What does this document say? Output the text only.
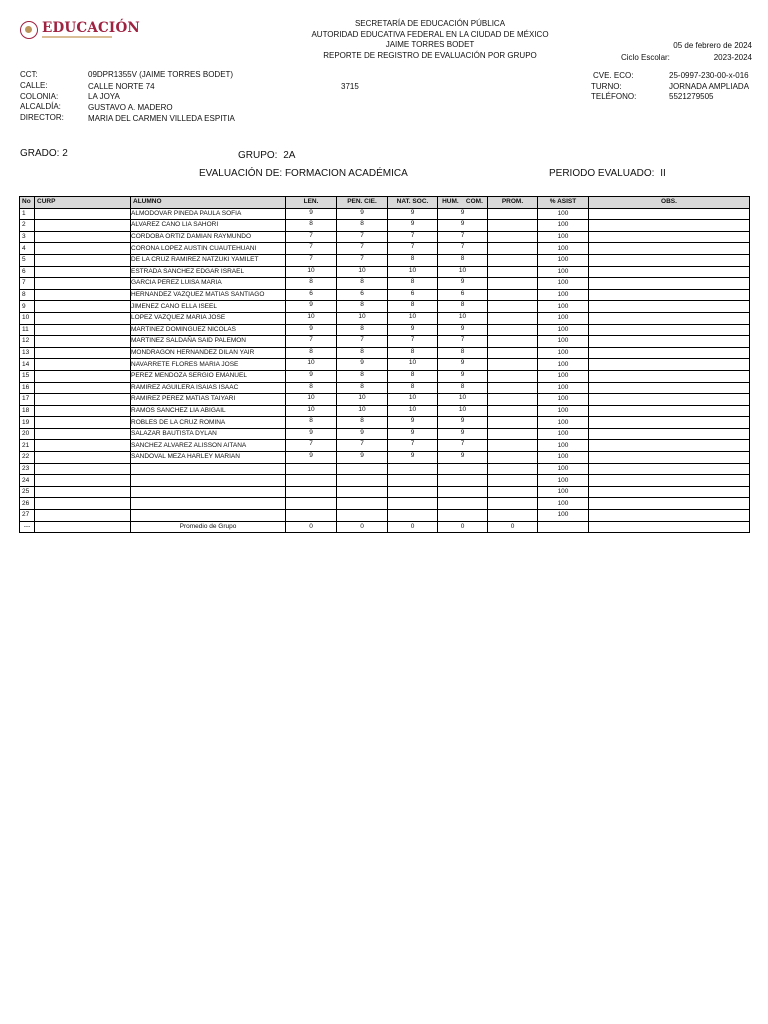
EDUCACIÓN	SECRETARÍA DE EDUCACIÓN PÚBLICA
AUTORIDAD EDUCATIVA FEDERAL EN LA CIUDAD DE MÉXICO
JAIME TORRES BODET
REPORTE DE REGISTRO DE EVALUACIÓN POR GRUPO
05 de febrero de 2024
Ciclo Escolar:	2023-2024
CCT:	09DPR1355V (JAIME TORRES BODET)
CALLE:	CALLE NORTE 74	3715
COLONIA:	LA JOYA
ALCALDÍA:	GUSTAVO A. MADERO
DIRECTOR:	MARIA DEL CARMEN VILLEDA ESPITIA
CVE. ECO:	25-0997-230-00-x-016
TURNO:	JORNADA AMPLIADA
TELÉFONO:	5521279505
GRADO: 2	GRUPO: 2A
EVALUACIÓN DE: FORMACION ACADÉMICA	PERIODO EVALUADO: II
No	CURP	ALUMNO	LEN.	PEN. CIE.	NAT. SOC.	HUM.    COM.	PROM.	% ASIST	OBS.
1		ALMODOVAR PINEDA PAULA SOFIA	9	9	9	9		100	
2		ALVAREZ CANO LIA SAHORI	8	8	9	9		100	
3		CORDOBA ORTIZ DAMIAN RAYMUNDO	7	7	7	7		100	
4		CORONA LOPEZ AUSTIN CUAUTEHUANI	7	7	7	7		100	
5		DE LA CRUZ RAMIREZ NATZUKI YAMILET	7	7	8	8		100	
6		ESTRADA SANCHEZ EDGAR ISRAEL	10	10	10	10		100	
7		GARCIA PEREZ LUISA MARIA	8	8	8	9		100	
8		HERNANDEZ VAZQUEZ MATIAS SANTIAGO	6	6	6	6		100	
9		JIMENEZ CANO ELLA ISEEL	9	8	8	8		100	
10		LOPEZ VAZQUEZ MARIA JOSE	10	10	10	10		100	
11		MARTINEZ DOMINGUEZ NICOLAS	9	8	9	9		100	
12		MARTINEZ SALDAÑA SAID PALEMON	7	7	7	7		100	
13		MONDRAGON HERNANDEZ DILAN YAIR	8	8	8	8		100	
14		NAVARRETE FLORES MARIA JOSE	10	9	10	9		100	
15		PEREZ MENDOZA SERGIO EMANUEL	9	8	8	9		100	
16		RAMIREZ AGUILERA ISAIAS ISAAC	8	8	8	8		100	
17		RAMIREZ PEREZ MATIAS TAIYARI	10	10	10	10		100	
18		RAMOS SANCHEZ LIA ABIGAIL	10	10	10	10		100	
19		ROBLES DE LA CRUZ ROMINA	8	8	9	9		100	
20		SALAZAR BAUTISTA DYLAN	9	9	9	9		100	
21		SANCHEZ ALVAREZ ALISSON AITANA	7	7	7	7		100	
22		SANDOVAL MEZA HARLEY MARIAN	9	9	9	9		100	
23								100	
24								100	
25								100	
26								100	
27								100	
---		Promedio de Grupo	0	0	0	0	0		
